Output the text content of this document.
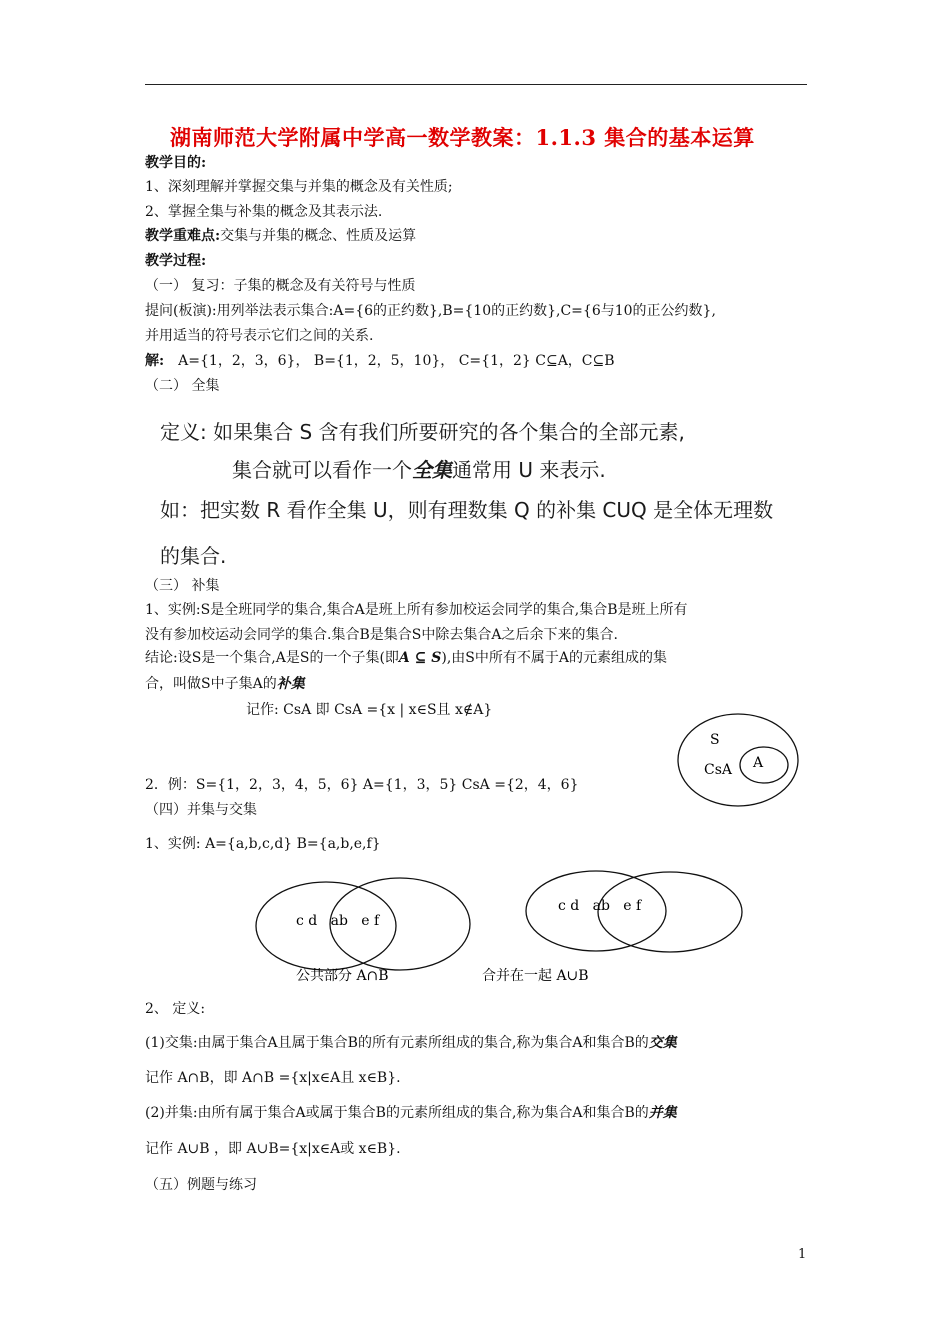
湖南师范大学附属中学高一数学教案：1.1.3 集合的基本运算
教学目的:
1、深刻理解并掌握交集与并集的概念及有关性质;
2、掌握全集与补集的概念及其表示法.
教学重难点:交集与并集的概念、性质及运算
教学过程:
（一） 复习：子集的概念及有关符号与性质
提问(板演):用列举法表示集合:A={6的正约数},B={10的正约数},C={6与10的正公约数},
并用适当的符号表示它们之间的关系.
解: A={1，2，3，6}， B={1，2，5，10}， C={1，2} C⊆A，C⊆B
（二） 全集
定义: 如果集合 S 含有我们所要研究的各个集合的全部元素,
集合就可以看作一个全集通常用 U 来表示.
如：把实数 R 看作全集 U，则有理数集 Q 的补集 CUQ 是全体无理数
的集合.
（三） 补集
1、实例:S是全班同学的集合,集合A是班上所有参加校运会同学的集合,集合B是班上所有
没有参加校运动会同学的集合.集合B是集合S中除去集合A之后余下来的集合.
结论:设S是一个集合,A是S的一个子集(即A ⊆ S),由S中所有不属于A的元素组成的集
合，叫做S中子集A的补集
记作: CsA 即 CsA ={x | x∈S且 x∉A}
S
CsA A
2．例：S={1，2，3，4，5，6} A={1，3，5} CsA ={2，4，6}
（四）并集与交集
1、实例: A={a,b,c,d} B={a,b,e,f}
c d   ab   e f
公共部分 A∩B
c d   ab   e f
合并在一起 A∪B
2、 定义:
(1)交集:由属于集合A且属于集合B的所有元素所组成的集合,称为集合A和集合B的交集
记作 A∩B，即 A∩B ={x|x∈A且 x∈B}.
(2)并集:由所有属于集合A或属于集合B的元素所组成的集合,称为集合A和集合B的并集
记作 A∪B ，即 A∪B={x|x∈A或 x∈B}.
（五）例题与练习
1
